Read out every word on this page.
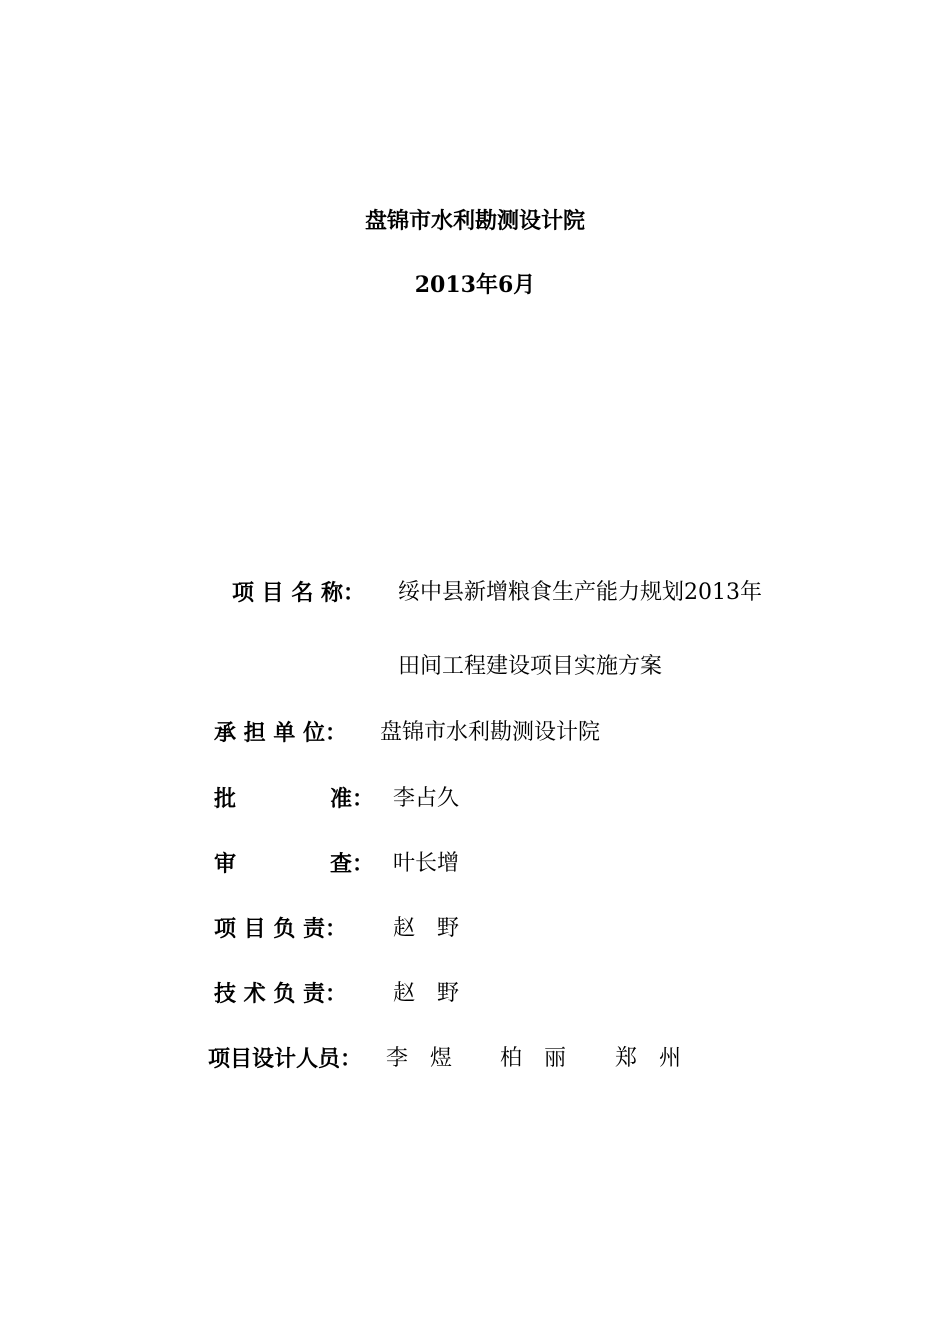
盘锦市水利勘测设计院
2013年6月
项 目 名 称： 绥中县新增粮食生产能力规划2013年
田间工程建设项目实施方案
承 担 单 位： 盘锦市水利勘测设计院
批	准： 李占久
审	查： 叶长增
项 目 负 责： 赵　野
技 术 负 责： 赵　野
项目设计人员： 李　煜 柏　丽 郑　州
